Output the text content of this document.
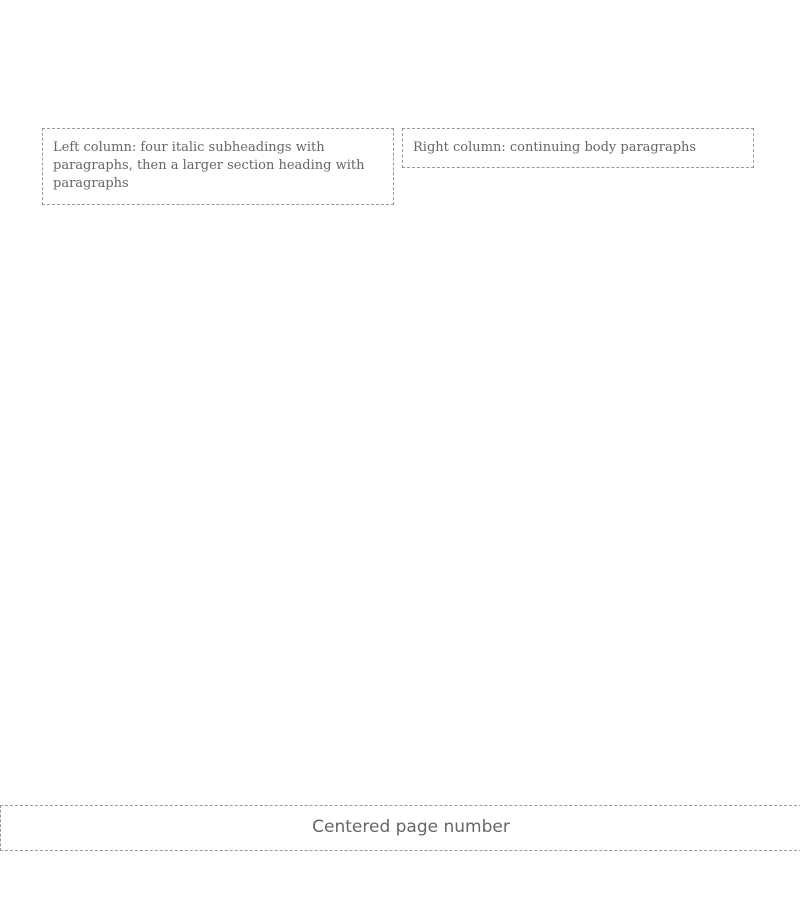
Left column: four italic subheadings with paragraphs, then a larger section heading with paragraphs
Right column: continuing body paragraphs
Centered page number
